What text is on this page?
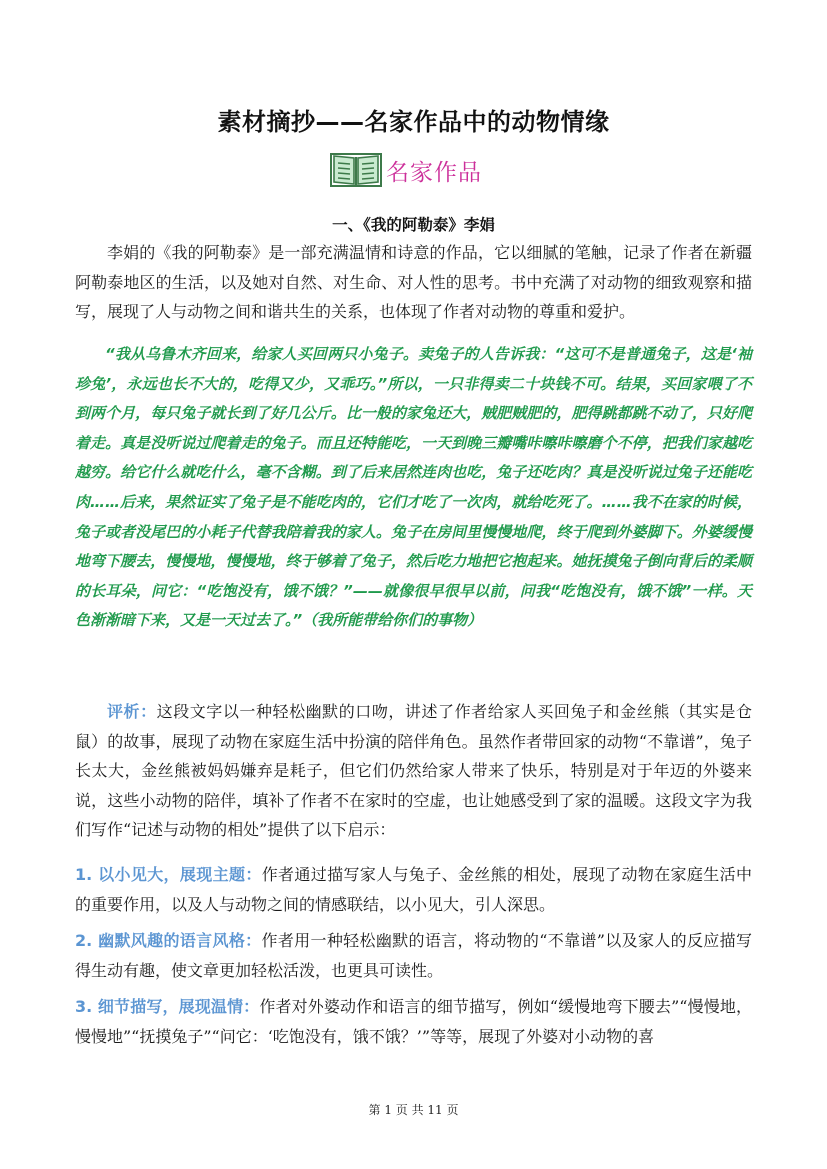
素材摘抄——名家作品中的动物情缘
名家作品
一、《我的阿勒泰》李娟

李娟的《我的阿勒泰》是一部充满温情和诗意的作品，它以细腻的笔触，记录了作者在新疆阿勒泰地区的生活，以及她对自然、对生命、对人性的思考。书中充满了对动物的细致观察和描写，展现了人与动物之间和谐共生的关系，也体现了作者对动物的尊重和爱护。

“我从乌鲁木齐回来，给家人买回两只小兔子。卖兔子的人告诉我：“这可不是普通兔子，这是‘袖珍兔’，永远也长不大的，吃得又少，又乖巧。”所以，一只非得卖二十块钱不可。结果，买回家喂了不到两个月，每只兔子就长到了好几公斤。比一般的家兔还大，贼肥贼肥的，肥得跳都跳不动了，只好爬着走。真是没听说过爬着走的兔子。而且还特能吃，一天到晚三瓣嘴咔嚓咔嚓磨个不停，把我们家越吃越穷。给它什么就吃什么，毫不含糊。到了后来居然连肉也吃，兔子还吃肉？真是没听说过兔子还能吃肉……后来，果然证实了兔子是不能吃肉的，它们才吃了一次肉，就给吃死了。……我不在家的时候，兔子或者没尾巴的小耗子代替我陪着我的家人。兔子在房间里慢慢地爬，终于爬到外婆脚下。外婆缓慢地弯下腰去，慢慢地，慢慢地，终于够着了兔子，然后吃力地把它抱起来。她抚摸兔子倒向背后的柔顺的长耳朵，问它：“吃饱没有，饿不饿？”——就像很早很早以前，问我“吃饱没有，饿不饿”一样。天色渐渐暗下来，又是一天过去了。”（我所能带给你们的事物）

评析：这段文字以一种轻松幽默的口吻，讲述了作者给家人买回兔子和金丝熊（其实是仓鼠）的故事，展现了动物在家庭生活中扮演的陪伴角色。虽然作者带回家的动物“不靠谱”，兔子长太大，金丝熊被妈妈嫌弃是耗子，但它们仍然给家人带来了快乐，特别是对于年迈的外婆来说，这些小动物的陪伴，填补了作者不在家时的空虚，也让她感受到了家的温暖。这段文字为我们写作“记述与动物的相处”提供了以下启示：

1. 以小见大，展现主题：作者通过描写家人与兔子、金丝熊的相处，展现了动物在家庭生活中的重要作用，以及人与动物之间的情感联结，以小见大，引人深思。

2. 幽默风趣的语言风格：作者用一种轻松幽默的语言，将动物的“不靠谱”以及家人的反应描写得生动有趣，使文章更加轻松活泼，也更具可读性。

3. 细节描写，展现温情：作者对外婆动作和语言的细节描写，例如“缓慢地弯下腰去”“慢慢地，慢慢地”“抚摸兔子”“问它：‘吃饱没有，饿不饿？’”等等，展现了外婆对小动物的喜

第 1 页 共 11 页
